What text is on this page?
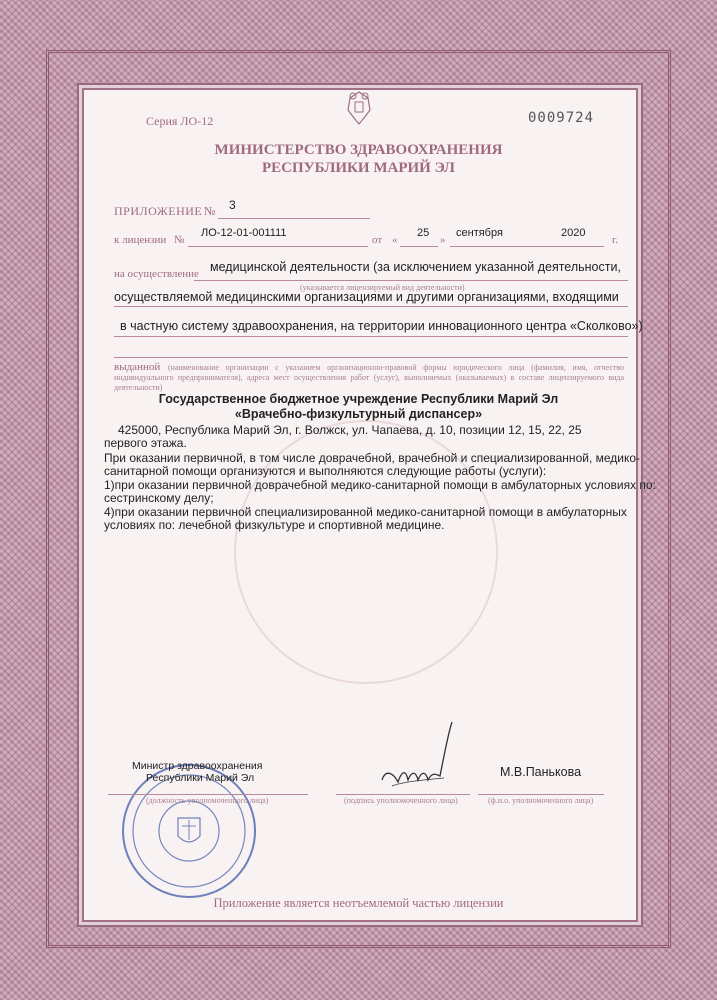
Серия ЛО-12	0009724
МИНИСТЕРСТВО ЗДРАВООХРАНЕНИЯ
РЕСПУБЛИКИ МАРИЙ ЭЛ
ПРИЛОЖЕНИЕ № 3
к лицензии №
ЛО-12-01-001111
от «
25
»
сентября	2020
г.
на осуществление медицинской деятельности (за исключением указанной деятельности,
(указывается лицензируемый вид деятельности)
осуществляемой медицинскими организациями и другими организациями, входящими
в частную систему здравоохранения, на территории инновационного центра «Сколково»)
выданной (наименование организации с указанием организационно-правовой формы юридического лица (фамилия, имя, отчество индивидуального предпринимателя), адреса мест осуществления работ (услуг), выполняемых (оказываемых) в составе лицензируемого вида деятельности)
Государственное бюджетное учреждение Республики Марий Эл
«Врачебно-физкультурный диспансер»
425000, Республика Марий Эл, г. Волжск, ул. Чапаева, д. 10, позиции 12, 15, 22, 25
первого этажа.
При оказании первичной, в том числе доврачебной, врачебной и специализированной, медико-
санитарной помощи организуются и выполняются следующие работы (услуги):
1)при оказании первичной доврачебной медико-санитарной помощи в амбулаторных условиях по:
сестринскому делу;
4)при оказании первичной специализированной медико-санитарной помощи в амбулаторных
условиях по: лечебной физкультуре и спортивной медицине.
Министр здравоохранения
Республики Марий Эл
(должность уполномоченного лица)	(подпись уполномоченного лица)
М.В.Панькова
(ф.и.о. уполномоченного лица)
Приложение является неотъемлемой частью лицензии
